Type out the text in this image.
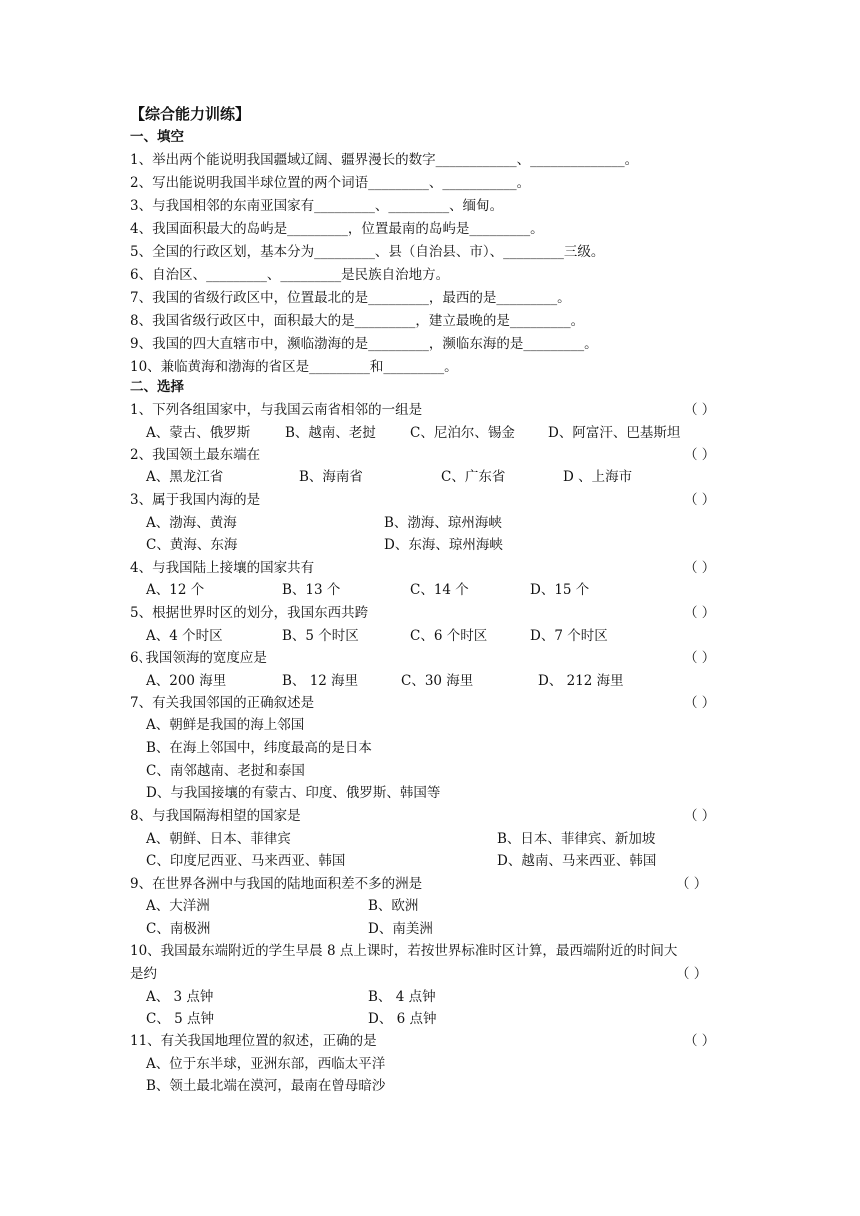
【综合能力训练】
一、填空
1、举出两个能说明我国疆域辽阔、疆界漫长的数字____________、______________。
2、写出能说明我国半球位置的两个词语_________、___________。
3、与我国相邻的东南亚国家有_________、_________、缅甸。
4、我国面积最大的岛屿是_________，位置最南的岛屿是_________。
5、全国的行政区划，基本分为_________、县（自治县、市）、_________三级。
6、自治区、_________、_________是民族自治地方。
7、我国的省级行政区中，位置最北的是_________，最西的是_________。
8、我国省级行政区中，面积最大的是_________，建立最晚的是_________。
9、我国的四大直辖市中，濒临渤海的是_________，濒临东海的是_________。
10、兼临黄海和渤海的省区是_________和_________。
二、选择
1、下列各组国家中，与我国云南省相邻的一组是	（ ）
A、蒙古、俄罗斯	B、越南、老挝	C、尼泊尔、锡金 D、阿富汗、巴基斯坦
2、我国领土最东端在	（ ）
A、黑龙江省	B、海南省	C、广东省	D 、上海市
3、属于我国内海的是	（ ）
A、渤海、黄海	B、渤海、琼州海峡
C、黄海、东海	D、东海、琼州海峡
4、与我国陆上接壤的国家共有	（ ）
A、12 个	B、13 个	C、14 个	D、15 个
5、根据世界时区的划分，我国东西共跨	（ ）
A、4 个时区	B、5 个时区	C、6 个时区	D、7 个时区
6､我国领海的宽度应是	（ ）
A、200 海里	B、 12 海里	C、30 海里	D、 212 海里
7、有关我国邻国的正确叙述是	（ ）
A、朝鲜是我国的海上邻国
B、在海上邻国中，纬度最高的是日本
C、南邻越南、老挝和泰国
D、与我国接壤的有蒙古、印度、俄罗斯、韩国等
8、与我国隔海相望的国家是	（ ）
A、朝鲜、日本、菲律宾	B、日本、菲律宾、新加坡
C、印度尼西亚、马来西亚、韩国	D、越南、马来西亚、韩国
9、在世界各洲中与我国的陆地面积差不多的洲是	（ ）
A、大洋洲	B、欧洲
C、南极洲	D、南美洲
10、我国最东端附近的学生早晨 8 点上课时，若按世界标准时区计算，最西端附近的时间大
是约	（ ）
A、 3 点钟	B、 4 点钟
C、 5 点钟	D、 6 点钟
11、有关我国地理位置的叙述，正确的是	（ ）
A、位于东半球，亚洲东部，西临太平洋
B、领土最北端在漠河，最南在曾母暗沙
